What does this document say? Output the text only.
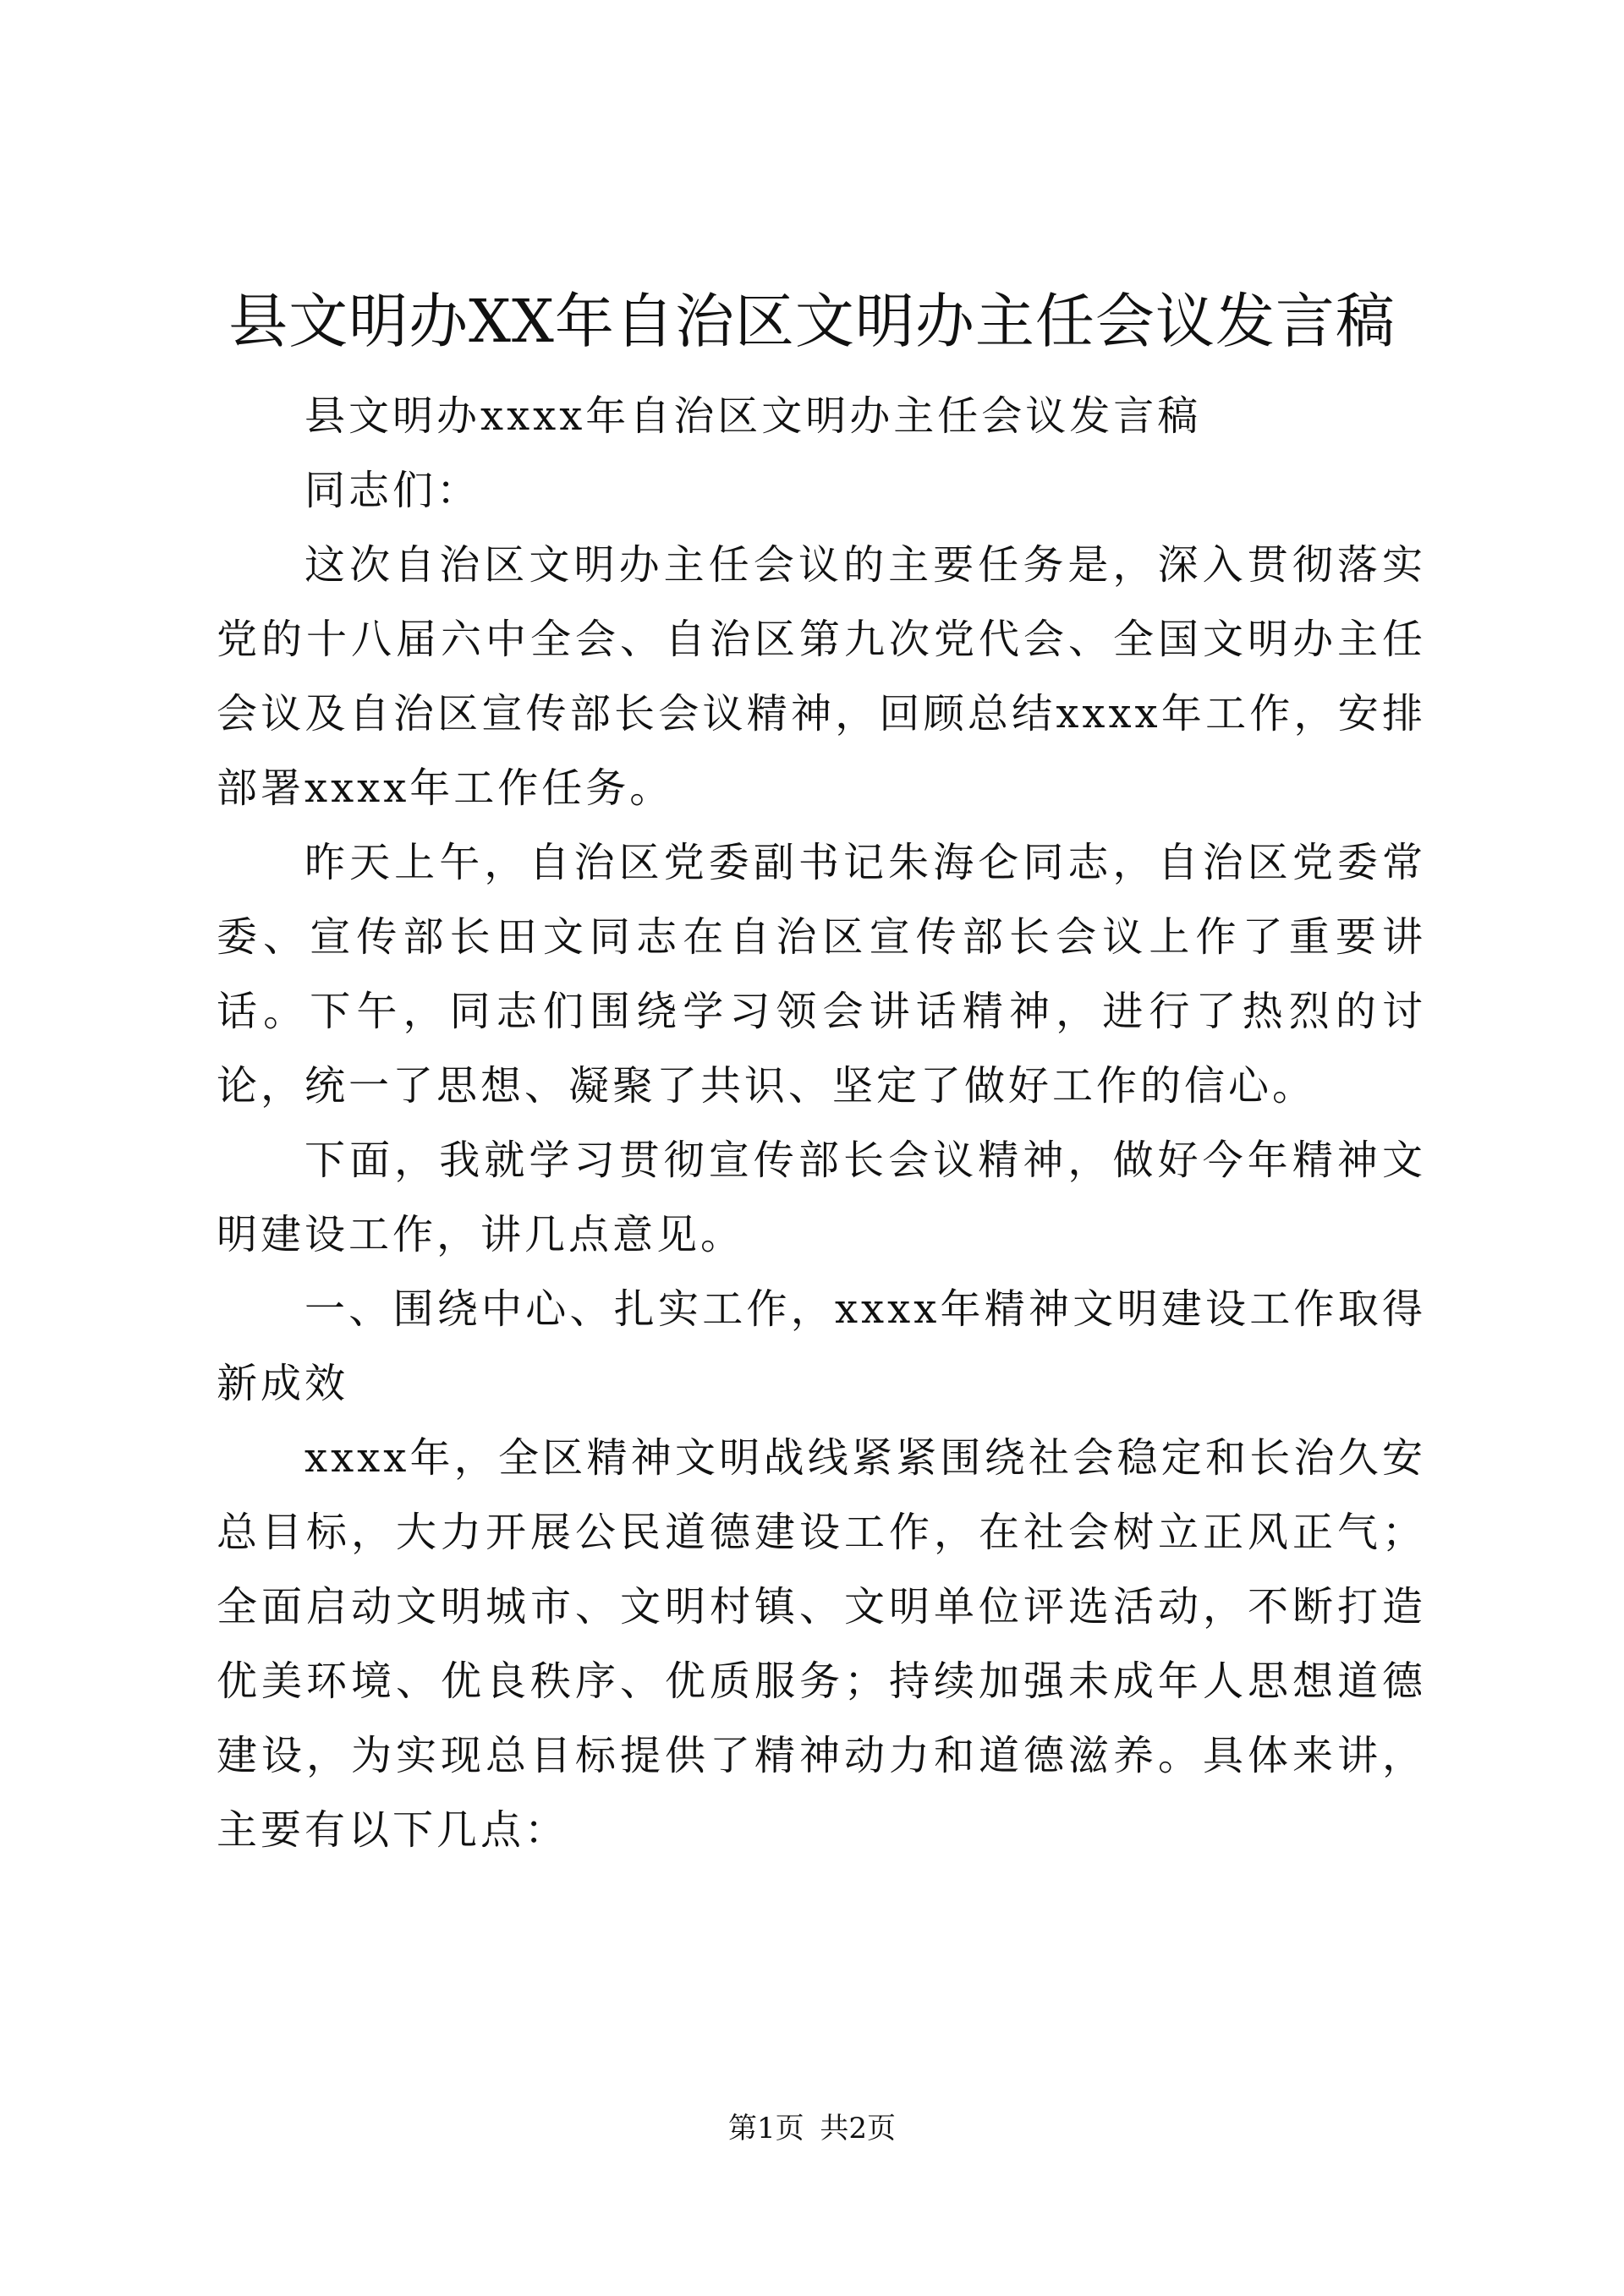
县文明办XX年自治区文明办主任会议发言稿

县文明办xxxx年自治区文明办主任会议发言稿

同志们：

这次自治区文明办主任会议的主要任务是，深入贯彻落实党的十八届六中全会、自治区第九次党代会、全国文明办主任会议及自治区宣传部长会议精神，回顾总结xxxx年工作，安排部署xxxx年工作任务。

昨天上午，自治区党委副书记朱海仑同志，自治区党委常委、宣传部长田文同志在自治区宣传部长会议上作了重要讲话。下午，同志们围绕学习领会讲话精神，进行了热烈的讨论，统一了思想、凝聚了共识、坚定了做好工作的信心。

下面，我就学习贯彻宣传部长会议精神，做好今年精神文明建设工作，讲几点意见。

一、围绕中心、扎实工作，xxxx年精神文明建设工作取得新成效

xxxx年，全区精神文明战线紧紧围绕社会稳定和长治久安总目标，大力开展公民道德建设工作，在社会树立正风正气；全面启动文明城市、文明村镇、文明单位评选活动，不断打造优美环境、优良秩序、优质服务；持续加强未成年人思想道德建设，为实现总目标提供了精神动力和道德滋养。具体来讲，主要有以下几点：

第1页 共2页
